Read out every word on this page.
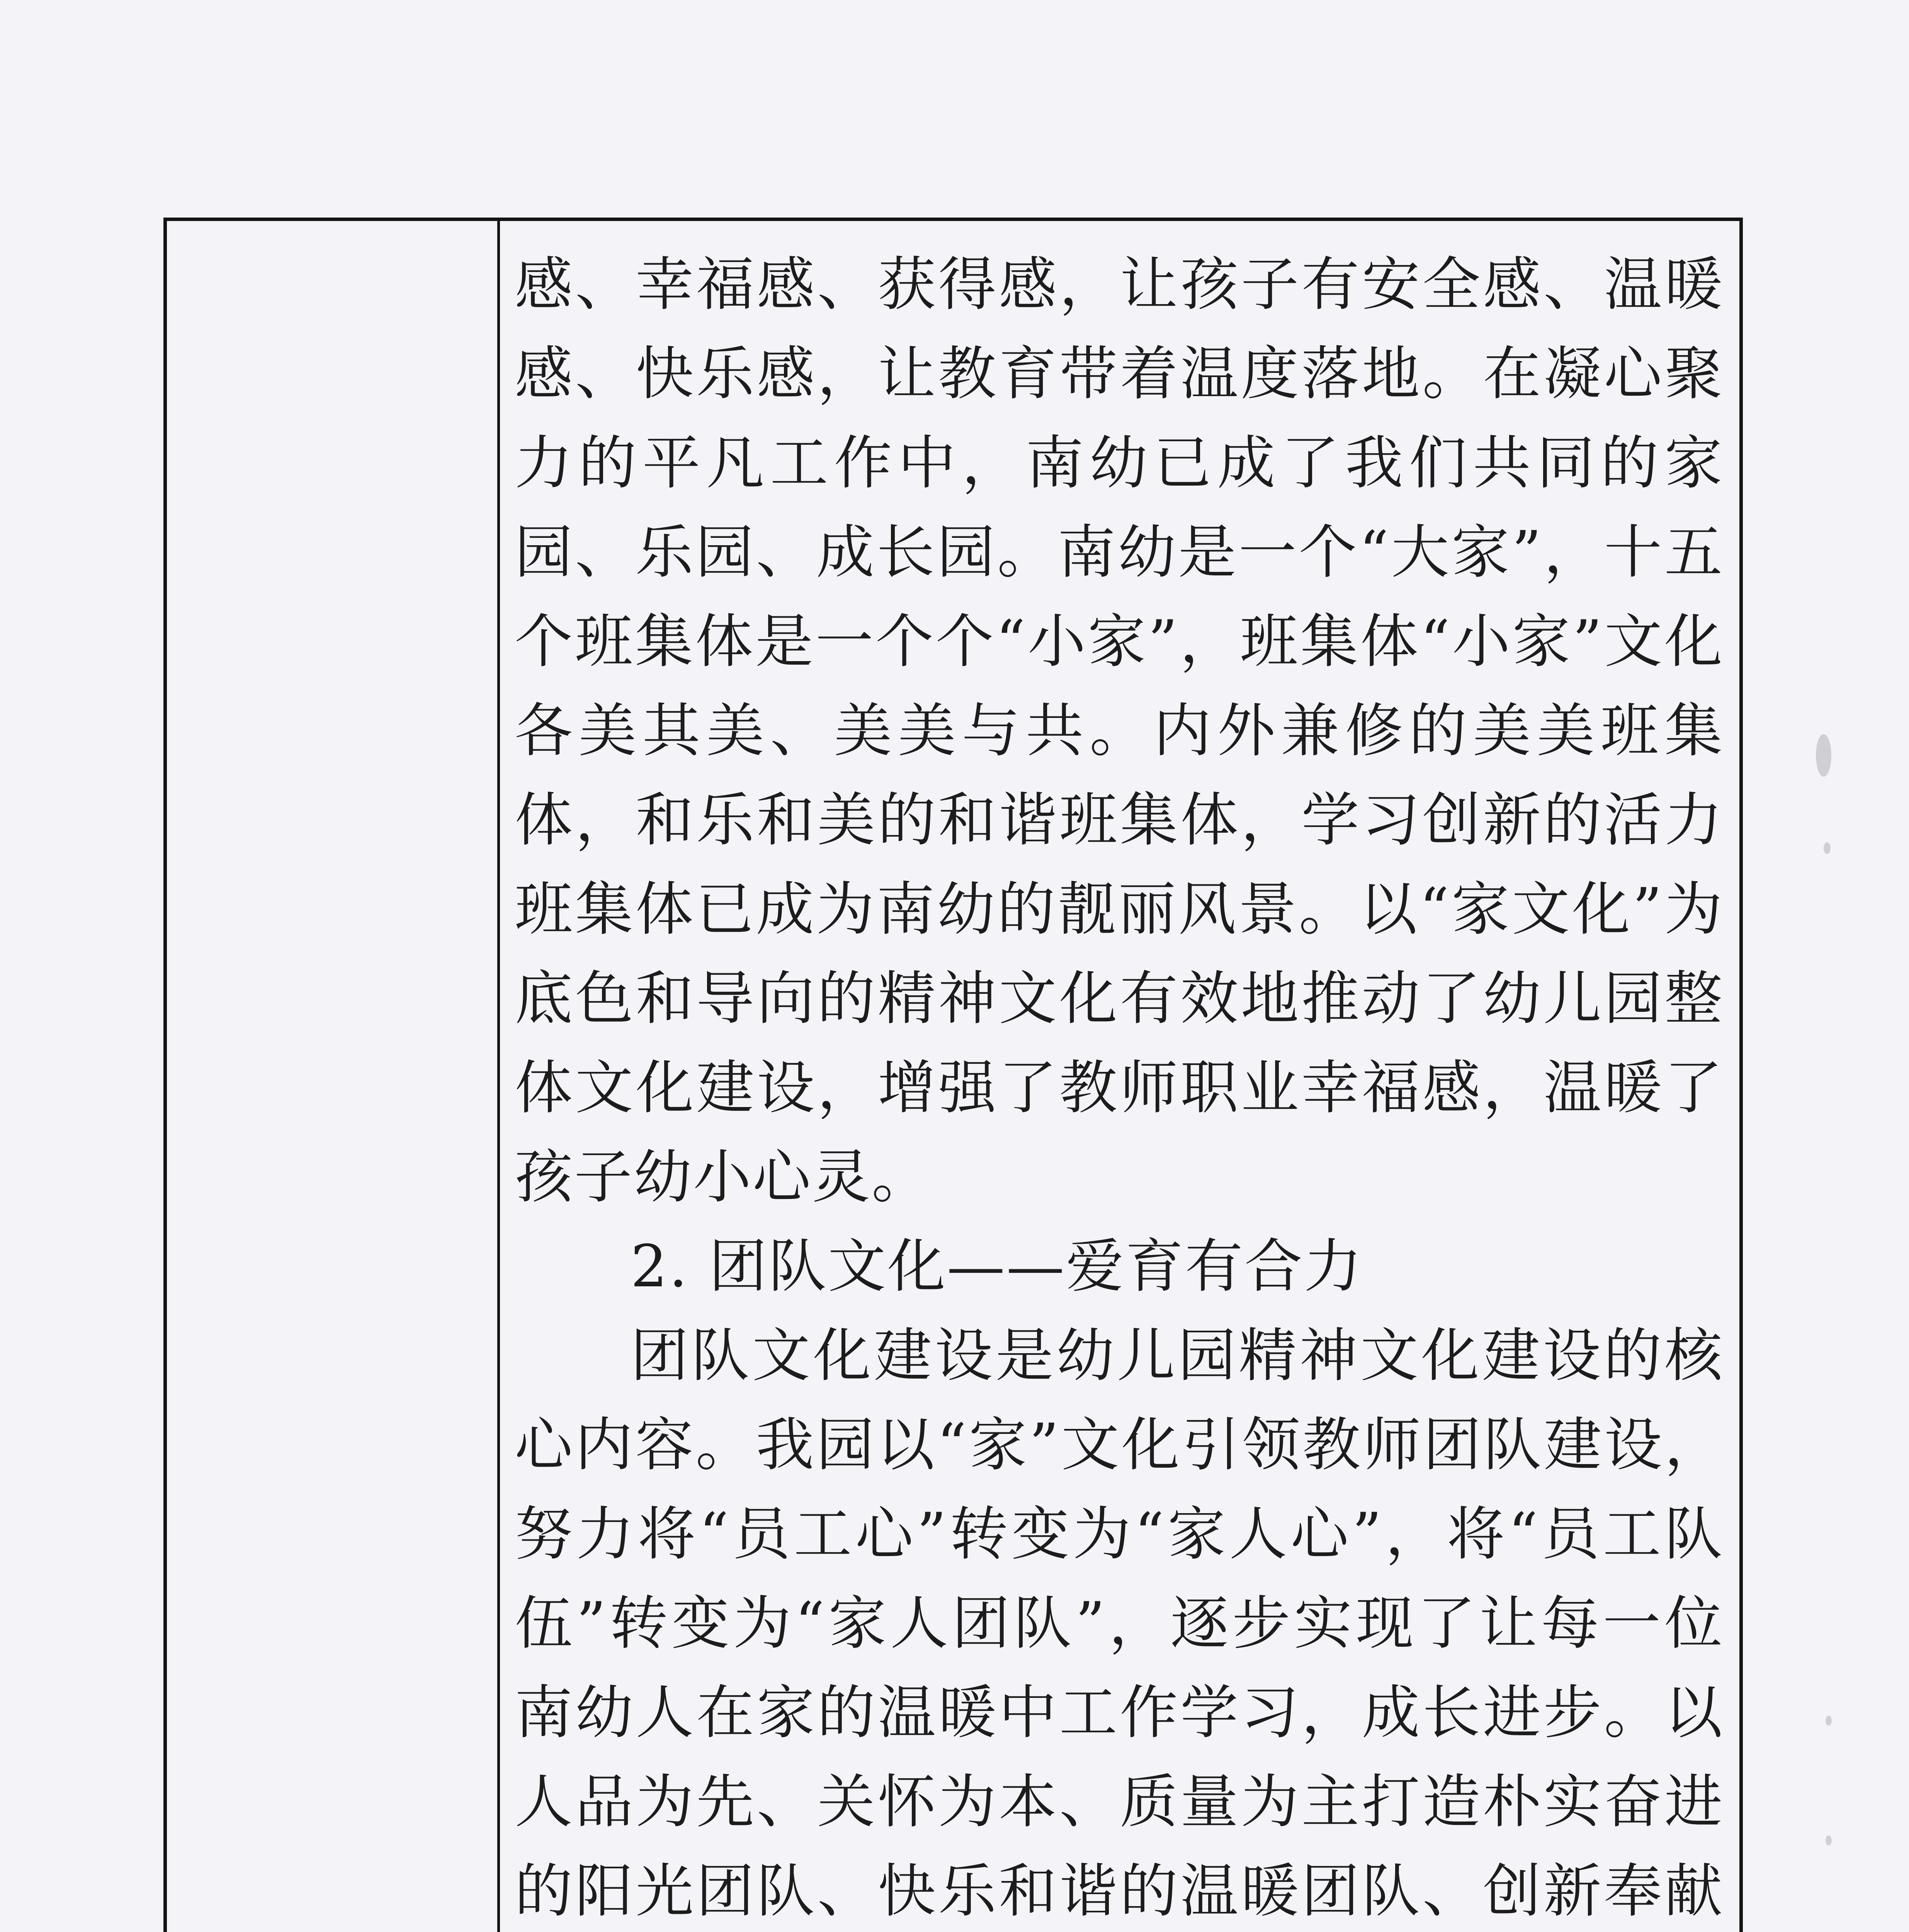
感、幸福感、获得感，让孩子有安全感、温暖感、快乐感，让教育带着温度落地。在凝心聚力的平凡工作中，南幼已成了我们共同的家园、乐园、成长园。南幼是一个“大家”，十五个班集体是一个个“小家”，班集体“小家”文化各美其美、美美与共。内外兼修的美美班集体，和乐和美的和谐班集体，学习创新的活力班集体已成为南幼的靓丽风景。以“家文化”为底色和导向的精神文化有效地推动了幼儿园整体文化建设，增强了教师职业幸福感，温暖了孩子幼小心灵。

2. 团队文化——爱育有合力

团队文化建设是幼儿园精神文化建设的核心内容。我园以“家”文化引领教师团队建设，努力将“员工心”转变为“家人心”，将“员工队伍”转变为“家人团队”，逐步实现了让每一位南幼人在家的温暖中工作学习，成长进步。以人品为先、关怀为本、质量为主打造朴实奋进的阳光团队、快乐和谐的温暖团队、创新奉献
